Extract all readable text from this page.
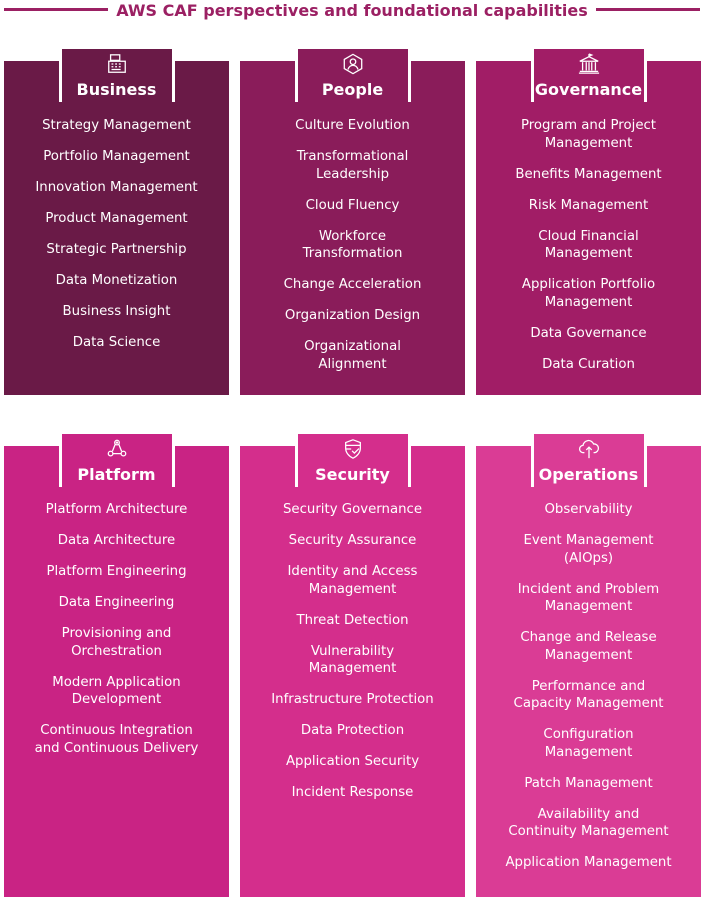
AWS CAF perspectives and foundational capabilities
Business
Strategy Management
Portfolio Management
Innovation Management
Product Management
Strategic Partnership
Data Monetization
Business Insight
Data Science
People
Culture Evolution
Transformational
Leadership
Cloud Fluency
Workforce
Transformation
Change Acceleration
Organization Design
Organizational
Alignment
Governance
Program and Project
Management
Benefits Management
Risk Management
Cloud Financial
Management
Application Portfolio
Management
Data Governance
Data Curation
Platform
Platform Architecture
Data Architecture
Platform Engineering
Data Engineering
Provisioning and
Orchestration
Modern Application
Development
Continuous Integration
and Continuous Delivery
Security
Security Governance
Security Assurance
Identity and Access
Management
Threat Detection
Vulnerability
Management
Infrastructure Protection
Data Protection
Application Security
Incident Response
Operations
Observability
Event Management
(AIOps)
Incident and Problem
Management
Change and Release
Management
Performance and
Capacity Management
Configuration
Management
Patch Management
Availability and
Continuity Management
Application Management
